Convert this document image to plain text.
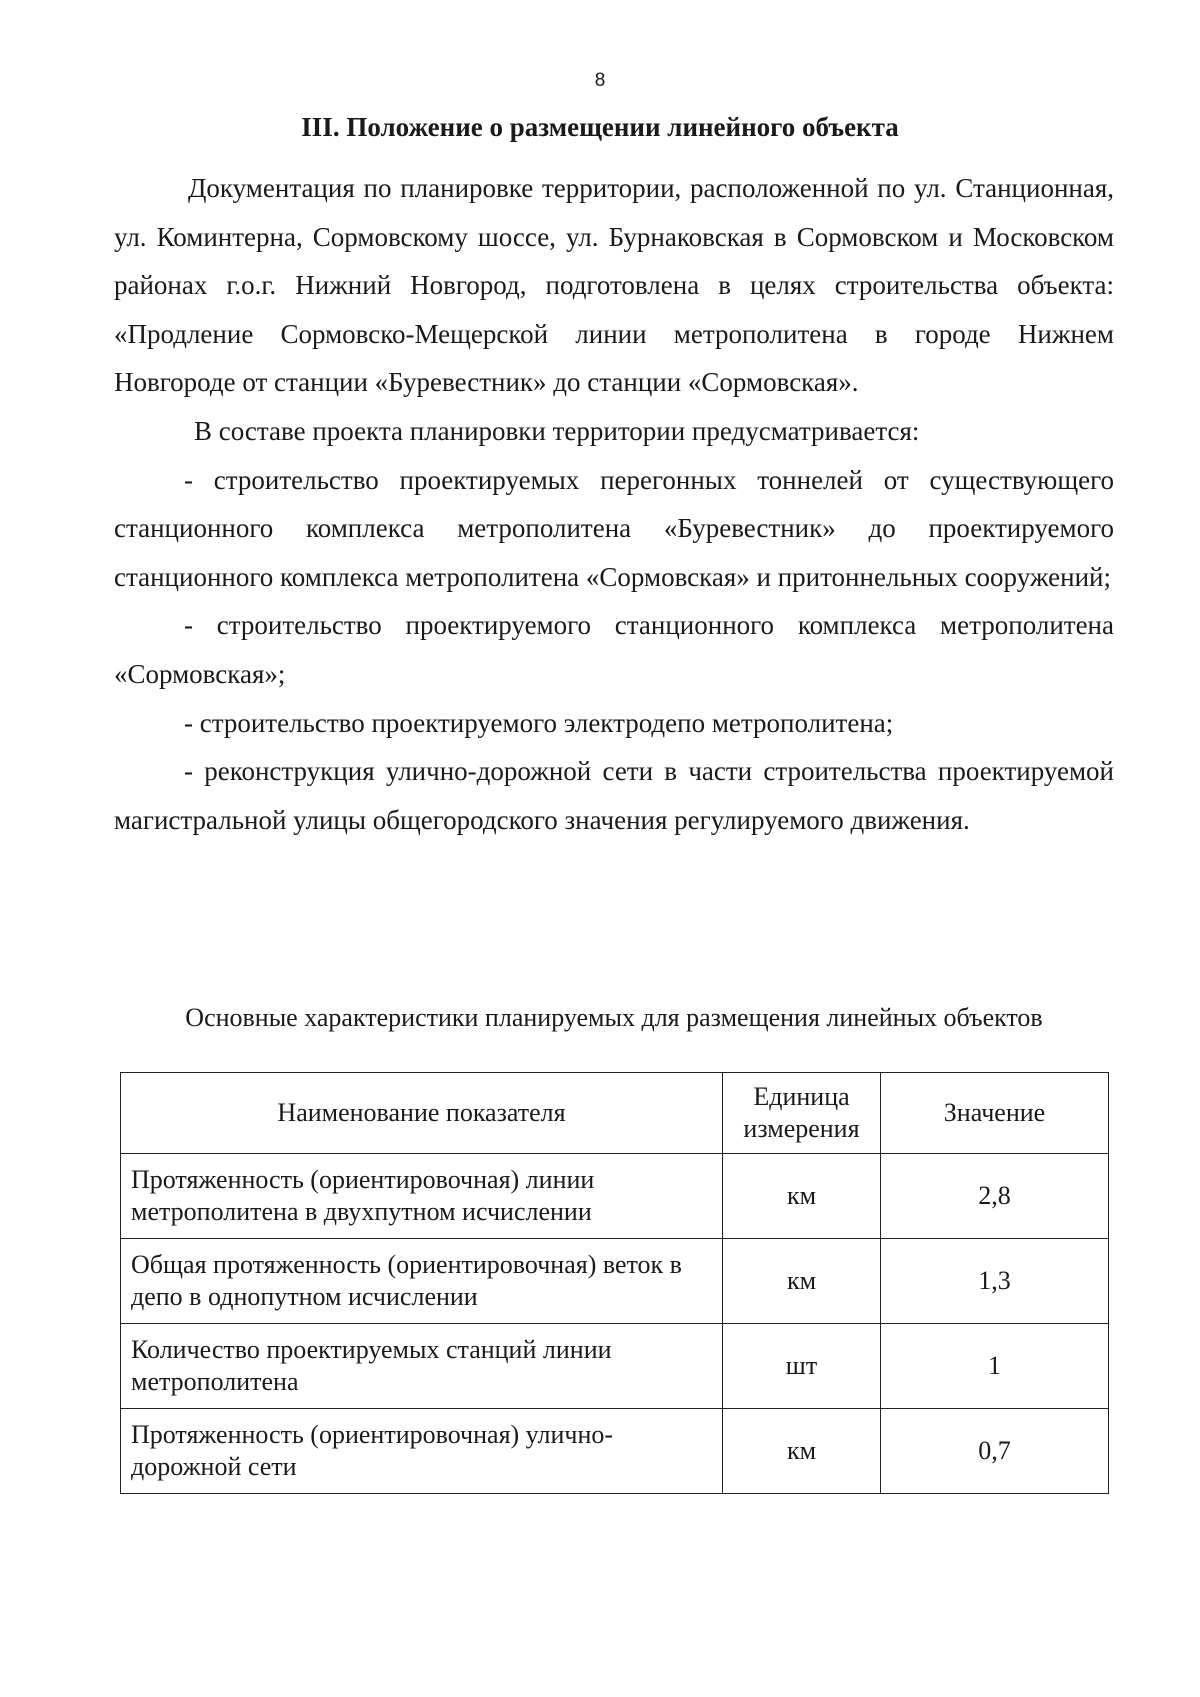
8
III. Положение о размещении линейного объекта

Документация по планировке территории, расположенной по ул. Станционная, ул. Коминтерна, Сормовскому шоссе, ул. Бурнаковская в Сормовском и Московском районах г.о.г. Нижний Новгород, подготовлена в целях строительства объекта: «Продление Сормовско-Мещерской линии метрополитена в городе Нижнем Новгороде от станции «Буревестник» до станции «Сормовская».

В составе проекта планировки территории предусматривается:

- строительство проектируемых перегонных тоннелей от существующего станционного комплекса метрополитена «Буревестник» до проектируемого станционного комплекса метрополитена «Сормовская» и притоннельных сооружений;

- строительство проектируемого станционного комплекса метрополитена «Сормовская»;

- строительство проектируемого электродепо метрополитена;

- реконструкция улично-дорожной сети в части строительства проектируемой магистральной улицы общегородского значения регулируемого движения.

Основные характеристики планируемых для размещения линейных объектов
Наименование показателя	Единица измерения	Значение
Протяженность (ориентировочная) линии метрополитена в двухпутном исчислении	км	2,8
Общая протяженность (ориентировочная) веток в депо в однопутном исчислении	км	1,3
Количество проектируемых станций линии метрополитена	шт	1
Протяженность (ориентировочная) улично-дорожной сети	км	0,7
